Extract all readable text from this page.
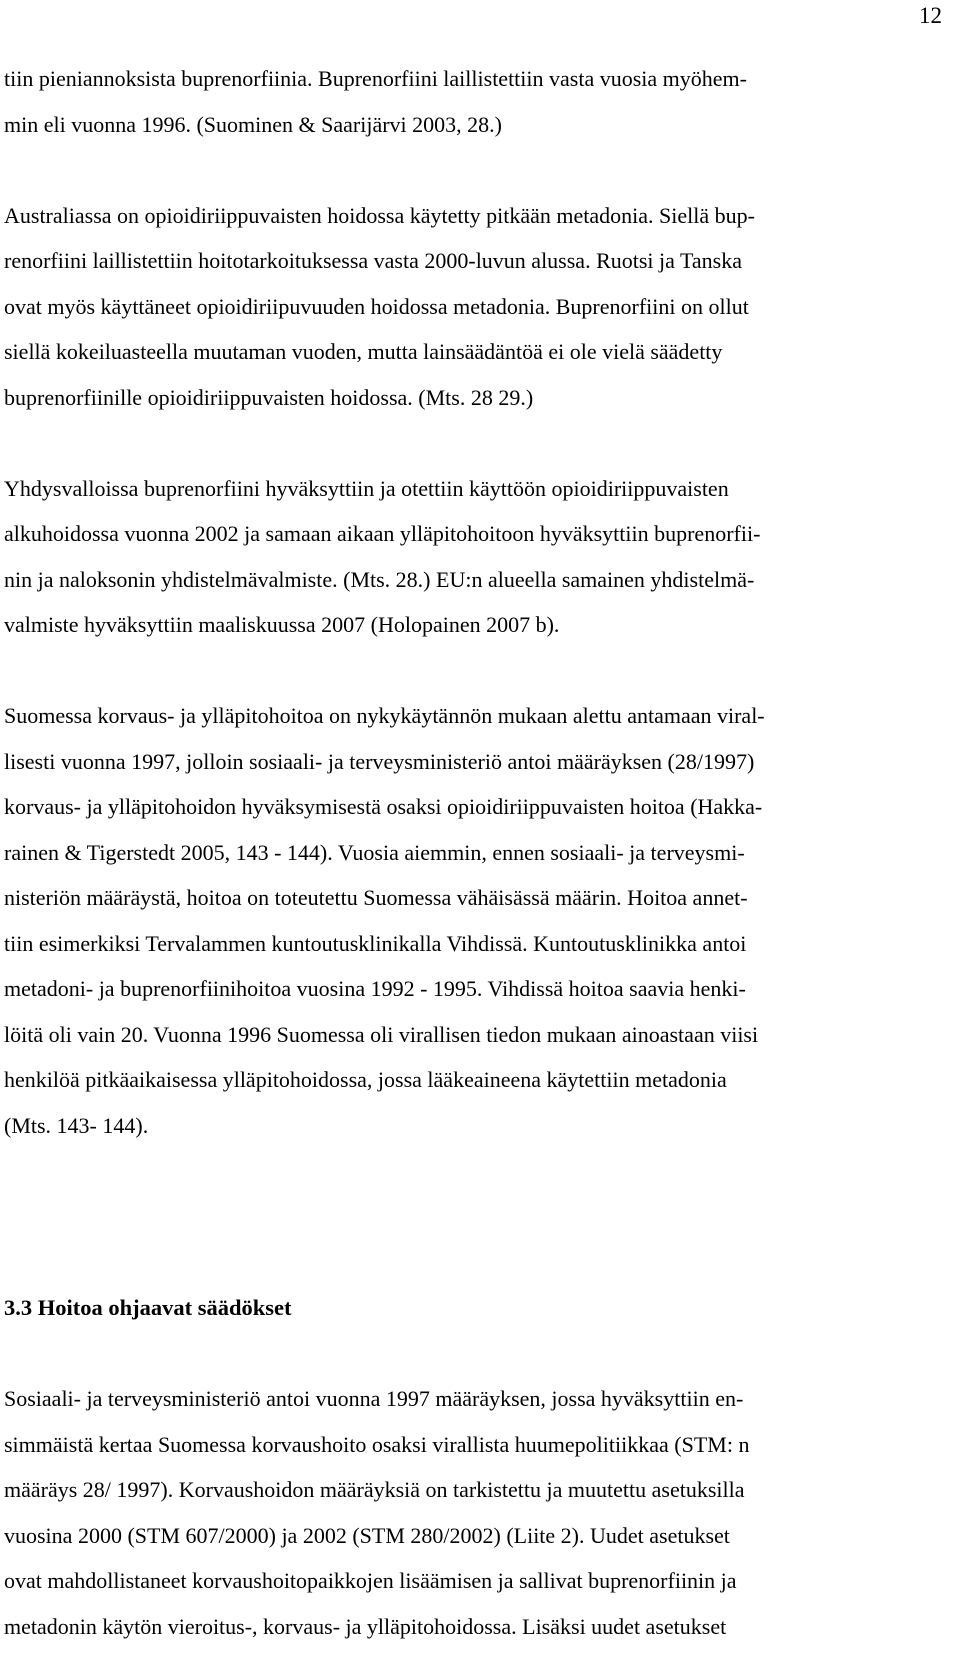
12
tiin pieniannoksista buprenorfiinia. Buprenorfiini laillistettiin vasta vuosia myöhem-
min eli vuonna 1996. (Suominen & Saarijärvi 2003, 28.)
Australiassa on opioidiriippuvaisten hoidossa käytetty pitkään metadonia. Siellä bup-
renorfiini laillistettiin hoitotarkoituksessa vasta 2000-luvun alussa. Ruotsi ja Tanska
ovat myös käyttäneet opioidiriipuvuuden hoidossa metadonia. Buprenorfiini on ollut
siellä kokeiluasteella muutaman vuoden, mutta lainsäädäntöä ei ole vielä säädetty
buprenorfiinille opioidiriippuvaisten hoidossa. (Mts. 28 29.)
Yhdysvalloissa buprenorfiini hyväksyttiin ja otettiin käyttöön opioidiriippuvaisten
alkuhoidossa vuonna 2002 ja samaan aikaan ylläpitohoitoon hyväksyttiin buprenorfii-
nin ja naloksonin yhdistelmävalmiste. (Mts. 28.) EU:n alueella samainen yhdistelmä-
valmiste hyväksyttiin maaliskuussa 2007 (Holopainen 2007 b).
Suomessa korvaus- ja ylläpitohoitoa on nykykäytännön mukaan alettu antamaan viral-
lisesti vuonna 1997, jolloin sosiaali- ja terveysministeriö antoi määräyksen (28/1997)
korvaus- ja ylläpitohoidon hyväksymisestä osaksi opioidiriippuvaisten hoitoa (Hakka-
rainen & Tigerstedt 2005, 143 - 144). Vuosia aiemmin, ennen sosiaali- ja terveysmi-
nisteriön määräystä, hoitoa on toteutettu Suomessa vähäisässä määrin. Hoitoa annet-
tiin esimerkiksi Tervalammen kuntoutusklinikalla Vihdissä. Kuntoutusklinikka antoi
metadoni- ja buprenorfiinihoitoa vuosina 1992 - 1995. Vihdissä hoitoa saavia henki-
löitä oli vain 20. Vuonna 1996 Suomessa oli virallisen tiedon mukaan ainoastaan viisi
henkilöä pitkäaikaisessa ylläpitohoidossa, jossa lääkeaineena käytettiin metadonia
(Mts. 143- 144).
3.3 Hoitoa ohjaavat säädökset
Sosiaali- ja terveysministeriö antoi vuonna 1997 määräyksen, jossa hyväksyttiin en-
simmäistä kertaa Suomessa korvaushoito osaksi virallista huumepolitiikkaa (STM: n
määräys 28/ 1997). Korvaushoidon määräyksiä on tarkistettu ja muutettu asetuksilla
vuosina 2000 (STM 607/2000) ja 2002 (STM 280/2002) (Liite 2). Uudet asetukset
ovat mahdollistaneet korvaushoitopaikkojen lisäämisen ja sallivat buprenorfiinin ja
metadonin käytön vieroitus-, korvaus- ja ylläpitohoidossa. Lisäksi uudet asetukset
